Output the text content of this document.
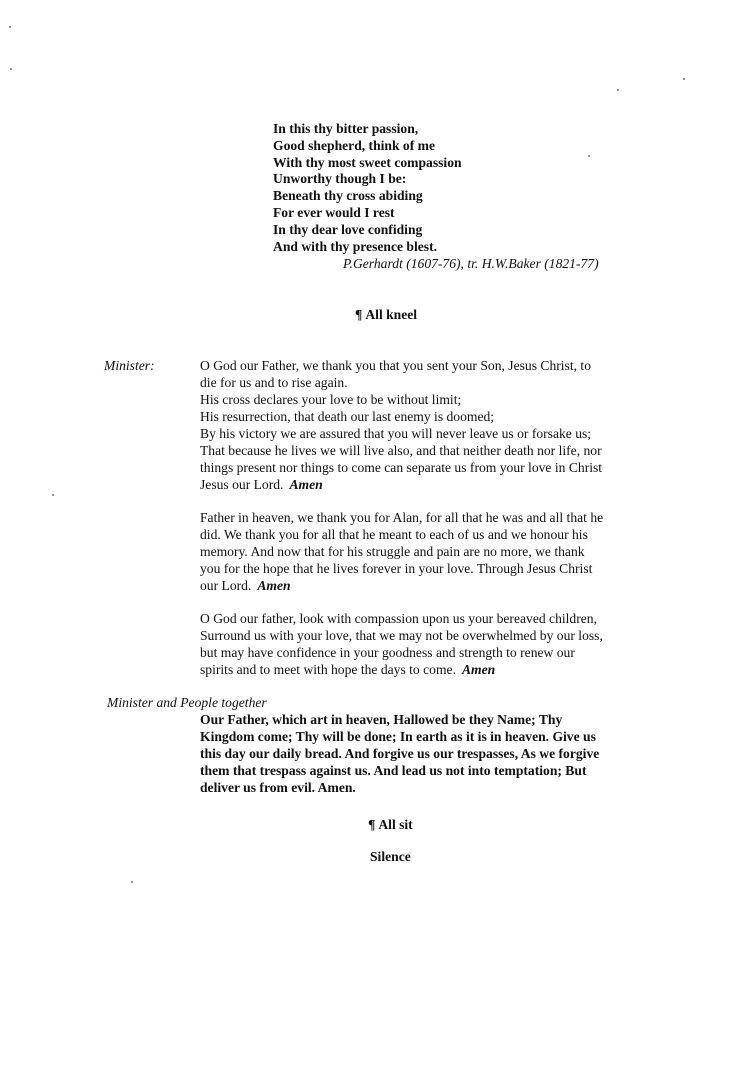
In this thy bitter passion,
Good shepherd, think of me
With thy most sweet compassion
Unworthy though I be:
Beneath thy cross abiding
For ever would I rest
In thy dear love confiding
And with thy presence blest.
P.Gerhardt (1607-76), tr. H.W.Baker (1821-77)
¶ All kneel
Minister:	O God our Father, we thank you that you sent your Son, Jesus Christ, to
die for us and to rise again.
His cross declares your love to be without limit;
His resurrection, that death our last enemy is doomed;
By his victory we are assured that you will never leave us or forsake us;
That because he lives we will live also, and that neither death nor life, nor
things present nor things to come can separate us from your love in Christ
Jesus our Lord. Amen
Father in heaven, we thank you for Alan, for all that he was and all that he
did. We thank you for all that he meant to each of us and we honour his
memory. And now that for his struggle and pain are no more, we thank
you for the hope that he lives forever in your love. Through Jesus Christ
our Lord. Amen
O God our father, look with compassion upon us your bereaved children,
Surround us with your love, that we may not be overwhelmed by our loss,
but may have confidence in your goodness and strength to renew our
spirits and to meet with hope the days to come. Amen
Minister and People together
Our Father, which art in heaven, Hallowed be they Name; Thy
Kingdom come; Thy will be done; In earth as it is in heaven. Give us
this day our daily bread. And forgive us our trespasses, As we forgive
them that trespass against us. And lead us not into temptation; But
deliver us from evil. Amen.
¶ All sit
Silence
